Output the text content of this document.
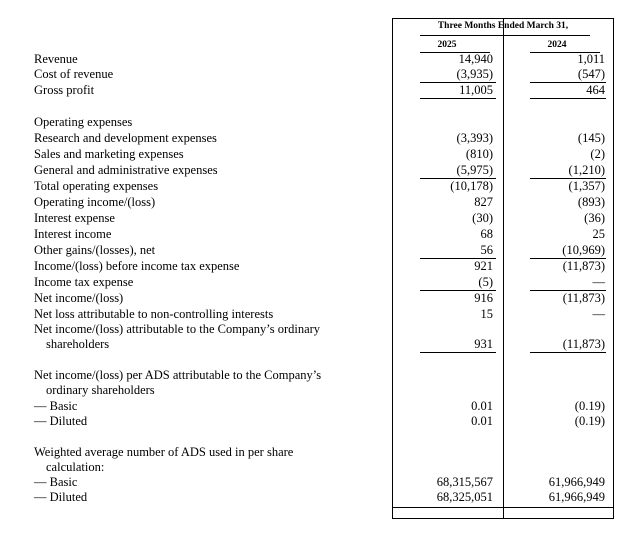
Three Months Ended March 31,
2025	2024
Revenue	14,940	1,011
Cost of revenue	(3,935)	(547)
Gross profit	11,005	464
Operating expenses
Research and development expenses	(3,393)	(145)
Sales and marketing expenses	(810)	(2)
General and administrative expenses	(5,975)	(1,210)
Total operating expenses	(10,178)	(1,357)
Operating income/(loss)	827	(893)
Interest expense	(30)	(36)
Interest income	68	25
Other gains/(losses), net	56	(10,969)
Income/(loss) before income tax expense	921	(11,873)
Income tax expense	(5)	—
Net income/(loss)	916	(11,873)
Net loss attributable to non-controlling interests	15	—
Net income/(loss) attributable to the Company’s ordinary
shareholders	931	(11,873)
Net income/(loss) per ADS attributable to the Company’s
ordinary shareholders
— Basic	0.01	(0.19)
— Diluted	0.01	(0.19)
Weighted average number of ADS used in per share
calculation:
— Basic	68,315,567	61,966,949
— Diluted	68,325,051	61,966,949
